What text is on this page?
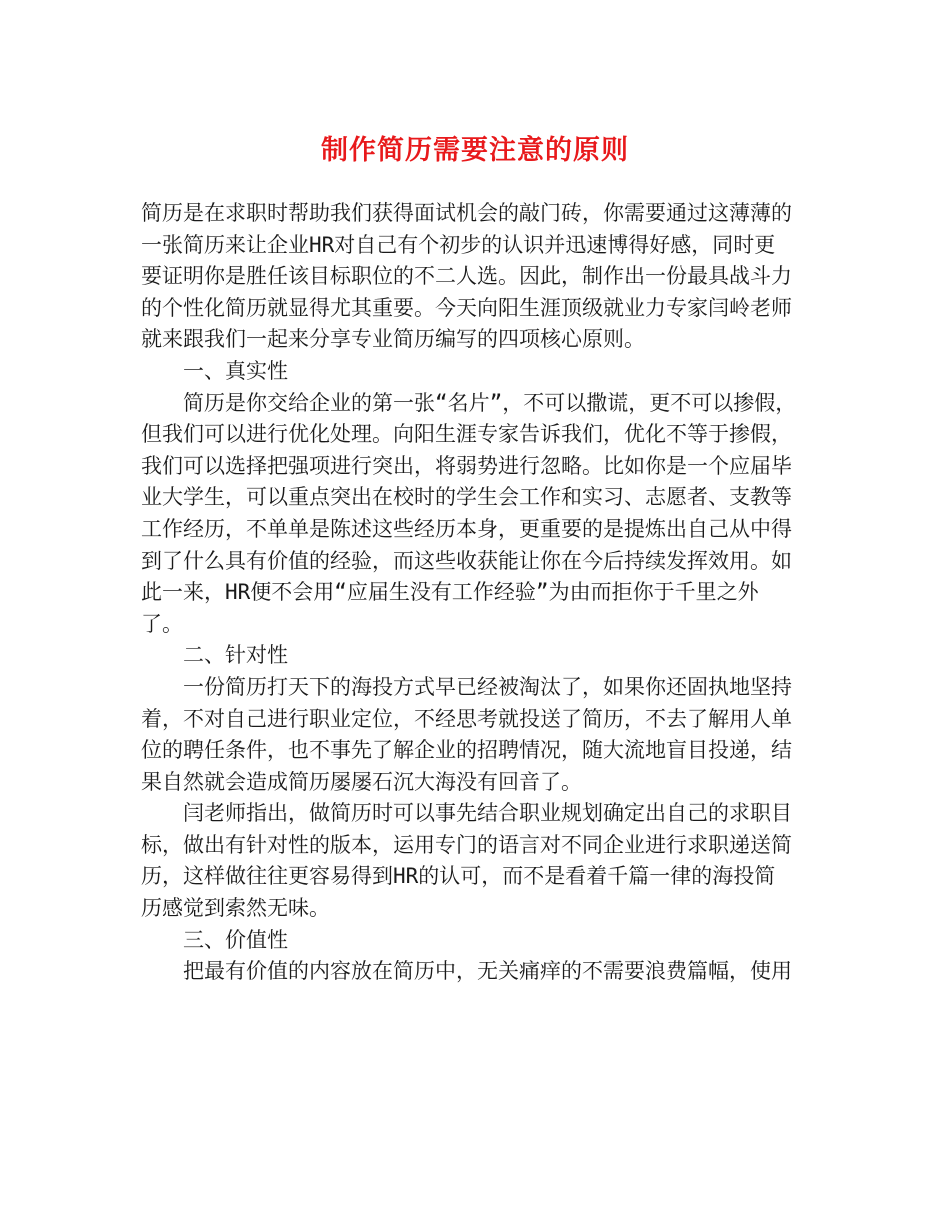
制作简历需要注意的原则
简历是在求职时帮助我们获得面试机会的敲门砖，你需要通过这薄薄的
一张简历来让企业HR对自己有个初步的认识并迅速博得好感，同时更
要证明你是胜任该目标职位的不二人选。因此，制作出一份最具战斗力
的个性化简历就显得尤其重要。今天向阳生涯顶级就业力专家闫岭老师
就来跟我们一起来分享专业简历编写的四项核心原则。
一、真实性
简历是你交给企业的第一张“名片”，不可以撒谎，更不可以掺假，
但我们可以进行优化处理。向阳生涯专家告诉我们，优化不等于掺假，
我们可以选择把强项进行突出，将弱势进行忽略。比如你是一个应届毕
业大学生，可以重点突出在校时的学生会工作和实习、志愿者、支教等
工作经历，不单单是陈述这些经历本身，更重要的是提炼出自己从中得
到了什么具有价值的经验，而这些收获能让你在今后持续发挥效用。如
此一来，HR便不会用“应届生没有工作经验”为由而拒你于千里之外
了。
二、针对性
一份简历打天下的海投方式早已经被淘汰了，如果你还固执地坚持
着，不对自己进行职业定位，不经思考就投送了简历，不去了解用人单
位的聘任条件，也不事先了解企业的招聘情况，随大流地盲目投递，结
果自然就会造成简历屡屡石沉大海没有回音了。
闫老师指出，做简历时可以事先结合职业规划确定出自己的求职目
标，做出有针对性的版本，运用专门的语言对不同企业进行求职递送简
历，这样做往往更容易得到HR的认可，而不是看着千篇一律的海投简
历感觉到索然无味。
三、价值性
把最有价值的内容放在简历中，无关痛痒的不需要浪费篇幅，使用
